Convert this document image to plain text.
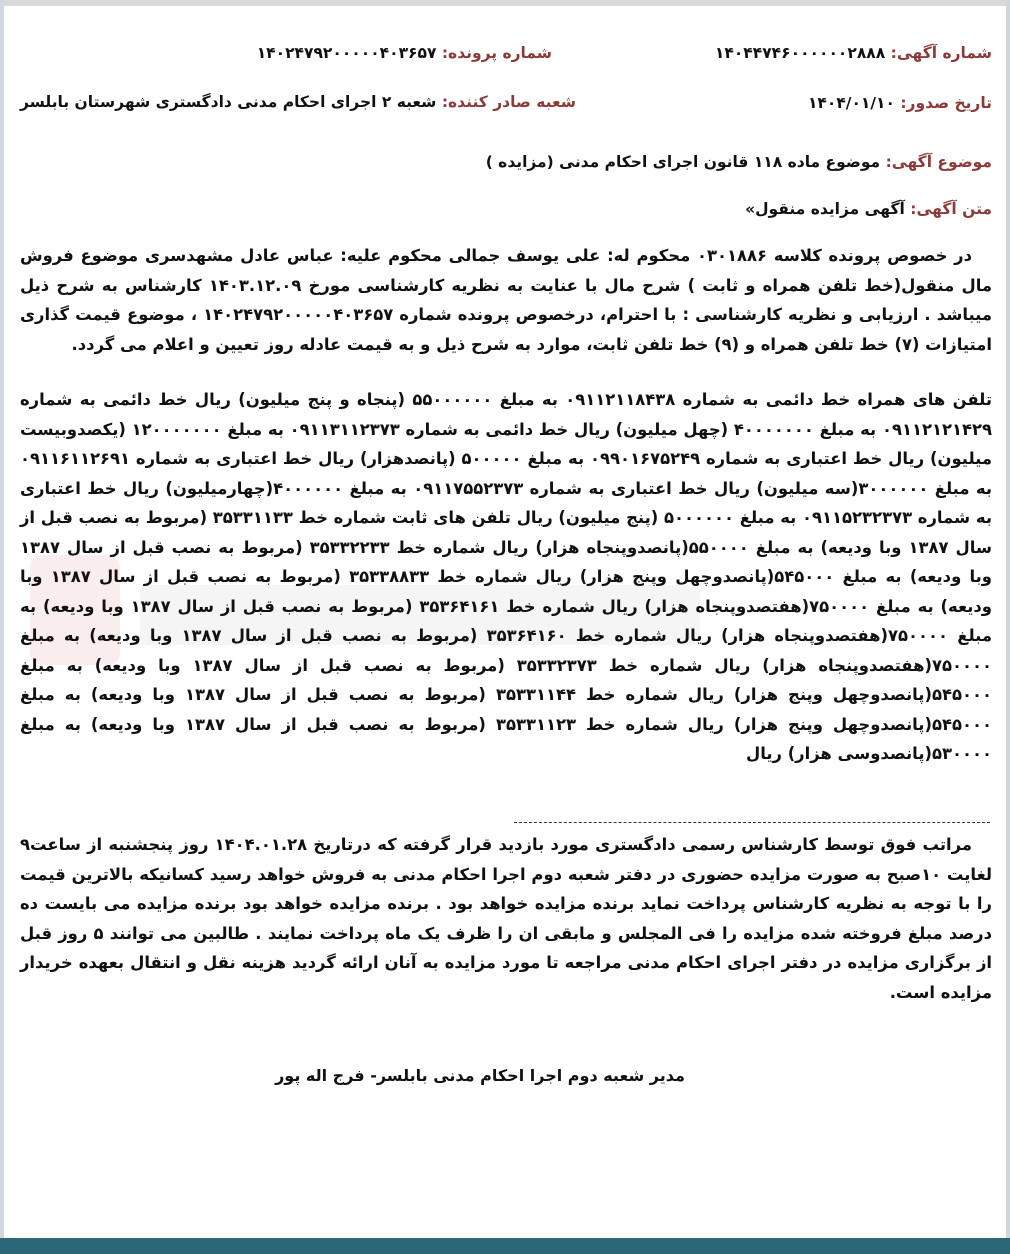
شماره آگهی: ۱۴۰۴۴۷۴۶۰۰۰۰۰۰۲۸۸۸
شماره پرونده: ۱۴۰۲۴۷۹۲۰۰۰۰۰۴۰۳۶۵۷
تاریخ صدور: ۱۴۰۴/۰۱/۱۰
شعبه صادر کننده: شعبه ۲ اجرای احکام مدنی دادگستری شهرستان بابلسر
موضوع آگهی: موضوع ماده ۱۱۸ قانون اجرای احکام مدنی (مزایده )
متن آگهی: آگهی مزایده منقول»
در خصوص پرونده کلاسه ۰۳۰۱۸۸۶ محکوم له: علی یوسف جمالی محکوم علیه: عباس عادل مشهدسری موضوع فروش مال منقول(خط تلفن همراه و ثابت ) شرح مال با عنایت به نظریه کارشناسی مورخ ۱۴۰۳.۱۲.۰۹ کارشناس به شرح ذیل میباشد . ارزیابی و نظریه کارشناسی : با احترام، درخصوص پرونده شماره ۱۴۰۲۴۷۹۲۰۰۰۰۰۴۰۳۶۵۷ ، موضوع قیمت گذاری امتیازات (۷) خط تلفن همراه و (۹) خط تلفن ثابت، موارد به شرح ذیل و به قیمت عادله روز تعیین و اعلام می گردد.
تلفن های همراه خط دائمی به شماره ۰۹۱۱۲۱۱۸۴۳۸ به مبلغ ۵۵۰۰۰۰۰۰ (پنجاه و پنج میلیون) ریال خط دائمی به شماره ۰۹۱۱۲۱۲۱۴۲۹ به مبلغ ۴۰۰۰۰۰۰۰ (چهل میلیون) ریال خط دائمی به شماره ۰۹۱۱۳۱۱۲۳۷۳ به مبلغ ۱۲۰۰۰۰۰۰۰ (یکصدوبیست میلیون) ریال خط اعتباری به شماره ۰۹۹۰۱۶۷۵۲۴۹ به مبلغ ۵۰۰۰۰۰ (پانصدهزار) ریال خط اعتباری به شماره ۰۹۱۱۶۱۱۲۶۹۱ به مبلغ ۳۰۰۰۰۰۰(سه میلیون) ریال خط اعتباری به شماره ۰۹۱۱۷۵۵۲۳۷۳ به مبلغ ۴۰۰۰۰۰۰(چهارمیلیون) ریال خط اعتباری به شماره ۰۹۱۱۵۲۳۲۳۷۳ به مبلغ ۵۰۰۰۰۰۰ (پنج میلیون) ریال تلفن های ثابت شماره خط ۳۵۳۳۱۱۳۳ (مربوط به نصب قبل از سال ۱۳۸۷ وبا ودیعه) به مبلغ ۵۵۰۰۰۰(پانصدوپنجاه هزار) ریال شماره خط ۳۵۳۳۲۲۳۳ (مربوط به نصب قبل از سال ۱۳۸۷ وبا ودیعه) به مبلغ ۵۴۵۰۰۰(پانصدوچهل وپنج هزار) ریال شماره خط ۳۵۳۳۸۸۳۳ (مربوط به نصب قبل از سال ۱۳۸۷ وبا ودیعه) به مبلغ ۷۵۰۰۰۰(هفتصدوپنجاه هزار) ریال شماره خط ۳۵۳۶۴۱۶۱ (مربوط به نصب قبل از سال ۱۳۸۷ وبا ودیعه) به مبلغ ۷۵۰۰۰۰(هفتصدوپنجاه هزار) ریال شماره خط ۳۵۳۶۴۱۶۰ (مربوط به نصب قبل از سال ۱۳۸۷ وبا ودیعه) به مبلغ ۷۵۰۰۰۰(هفتصدوپنجاه هزار) ریال شماره خط ۳۵۳۳۲۳۷۳ (مربوط به نصب قبل از سال ۱۳۸۷ وبا ودیعه) به مبلغ ۵۴۵۰۰۰(پانصدوچهل وپنج هزار) ریال شماره خط ۳۵۳۳۱۱۴۴ (مربوط به نصب قبل از سال ۱۳۸۷ وبا ودیعه) به مبلغ ۵۴۵۰۰۰(پانصدوچهل وپنج هزار) ریال شماره خط ۳۵۳۳۱۱۲۳ (مربوط به نصب قبل از سال ۱۳۸۷ وبا ودیعه) به مبلغ ۵۳۰۰۰۰(پانصدوسی هزار) ریال
مراتب فوق توسط کارشناس رسمی دادگستری مورد بازدید قرار گرفته که درتاریخ ۱۴۰۴.۰۱.۲۸ روز پنجشنبه از ساعت۹ لغایت ۱۰صبح به صورت مزایده حضوری در دفتر شعبه دوم اجرا احکام مدنی به فروش خواهد رسید کسانیکه بالاترین قیمت را با توجه به نظریه کارشناس پرداخت نماید برنده مزایده خواهد بود . برنده مزایده خواهد بود برنده مزایده می بایست ده درصد مبلغ فروخته شده مزایده را فی المجلس و مابقی ان را ظرف یک ماه پرداخت نمایند . طالبین می توانند ۵ روز قبل از برگزاری مزایده در دفتر اجرای احکام مدنی مراجعه تا مورد مزایده به آنان ارائه گردید هزینه نقل و انتقال بعهده خریدار مزایده است.
مدیر شعبه دوم اجرا احکام مدنی بابلسر- فرج اله پور
